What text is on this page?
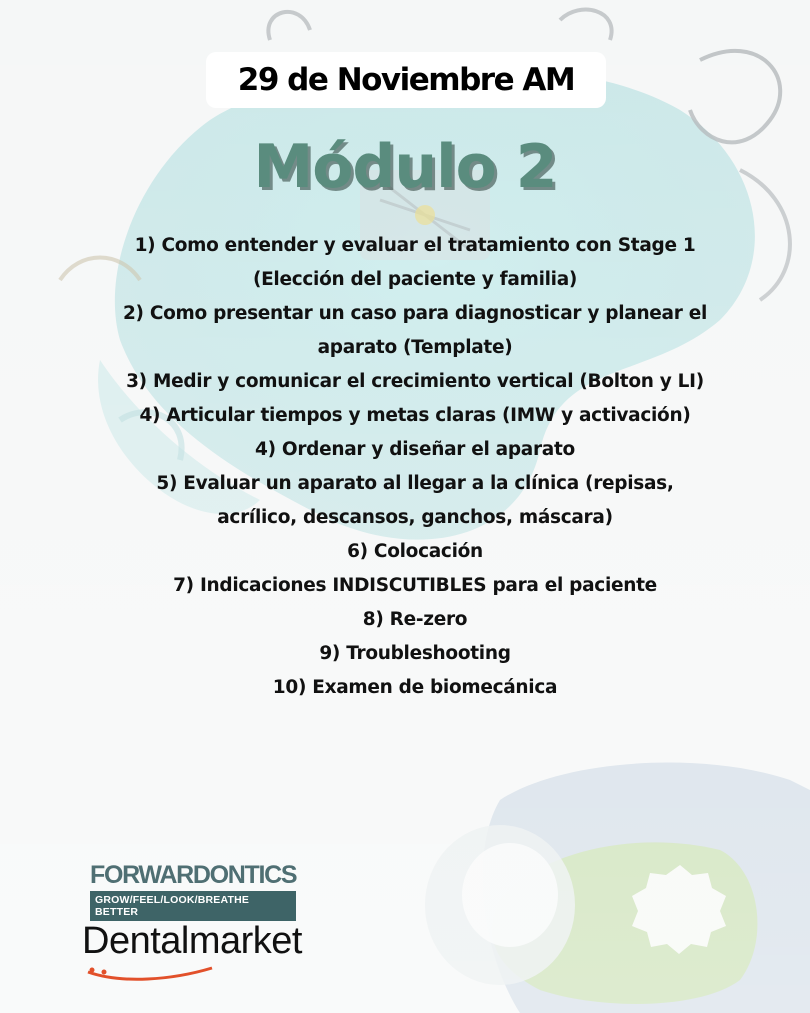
29 de Noviembre AM
Módulo 2
1) Como entender y evaluar el tratamiento con Stage 1 (Elección del paciente y familia)
2) Como presentar un caso para diagnosticar y planear el aparato (Template)
3) Medir y comunicar el crecimiento vertical (Bolton y LI)
4) Articular tiempos y metas claras (IMW y activación)
4) Ordenar y diseñar el aparato
5) Evaluar un aparato al llegar a la clínica (repisas, acrílico, descansos, ganchos, máscara)
6) Colocación
7) Indicaciones INDISCUTIBLES para el paciente
8) Re-zero
9) Troubleshooting
10) Examen de biomecánica
FORWARDONTICS
GROW/FEEL/LOOK/BREATHE BETTER
Dentalmarket
